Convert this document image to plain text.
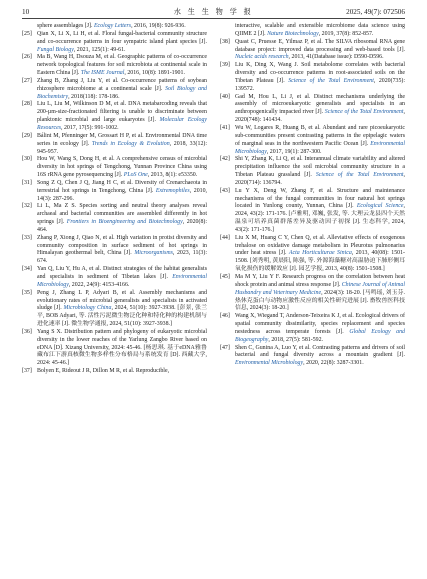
10	水 生 生 物 学 报	2025, 49(7): 072506

sphere assemblages [J]. Ecology Letters, 2016, 19(8): 926-936.

[25] Qian X, Li X, Li H, et al. Floral fungal-bacterial community structure and co-occurrence patterns in four sympatric island plant species [J]. Fungal Biology, 2021, 125(1): 49-61.

[26] Ma B, Wang H, Dsouza M, et al. Geographic patterns of co-occurrence network topological features for soil microbiota at continental scale in Eastern China [J]. The ISME Journal, 2016, 10(8): 1891-1901.

[27] Zhang B, Zhang J, Liu Y, et al. Co-occurrence patterns of soybean rhizosphere microbiome at a continental scale [J]. Soil Biology and Biochemistry, 2018(118): 178-186.

[28] Liu L, Liu M, Wilkinson D M, et al. DNA metabarcoding reveals that 200-µm-size-fractionated filtering is unable to discriminate between planktonic microbial and large eukaryotes [J]. Molecular Ecology Resources, 2017, 17(5): 991-1002.

[29] Bálint M, Pfenninger M, Grossart H P, et al. Environmental DNA time series in ecology [J]. Trends in Ecology & Evolution, 2018, 33(12): 945-957.

[30] Hou W, Wang S, Dong H, et al. A comprehensive census of microbial diversity in hot springs of Tengchong, Yunnan Province China using 16S rRNA gene pyrosequencing [J]. PLoS One, 2013, 8(1): e53350.

[31] Song Z Q, Chen J Q, Jiang H C, et al. Diversity of Crenarchaeota in terrestrial hot springs in Tengchong, China [J]. Extremophiles, 2010, 14(3): 287-296.

[32] Li L, Ma Z S. Species sorting and neutral theory analyses reveal archaeal and bacterial communities are assembled differently in hot springs [J]. Frontiers in Bioengineering and Biotechnology, 2020(8): 464.

[33] Zhang P, Xiong J, Qiao N, et al. High variation in protist diversity and community composition in surface sediment of hot springs in Himalayan geothermal belt, China [J]. Microorganisms, 2023, 11(3): 674.

[34] Yan Q, Liu Y, Hu A, et al. Distinct strategies of the habitat generalists and specialists in sediment of Tibetan lakes [J]. Environmental Microbiology, 2022, 24(9): 4153-4166.

[35] Peng J, Zhang L P, Adyari B, et al. Assembly mechanisms and evolutionary rates of microbial generalists and specialists in activated sludge [J]. Microbiology China, 2024, 51(10): 3927-3938. [彭景, 张兰平, BOB Adyari, 等. 活性污泥微生物泛化种和特化种的构建机制与进化速率 [J]. 微生物学通报, 2024, 51(10): 3927-3938.]

[36] Yang S X. Distribution pattern and phylogeny of eukaryotic microbial diversity in the lower reaches of the Yarlung Zangbo River based on eDNA [D]. Xizang University, 2024: 45-46. [杨思琪. 基于eDNA雅鲁藏布江下游真核微生物多样性分布格局与系统发育 [D]. 西藏大学, 2024: 45-46.]

[37] Bolyen E, Rideout J R, Dillon M R, et al. Reproducible,

interactive, scalable and extensible microbiome data science using QIIME 2 [J]. Nature Biotechnology, 2019, 37(8): 852-857.

[38] Quast C, Pruesse E, Yilmaz P, et al. The SILVA ribosomal RNA gene database project: improved data processing and web-based tools [J]. Nucleic acids research, 2013, 41(Database issue): D590-D596.

[39] Liu K, Ding X, Wang J. Soil metabolome correlates with bacterial diversity and co-occurrence patterns in root-associated soils on the Tibetan Plateau [J]. Science of the Total Environment, 2020(735): 139572.

[40] Gad M, Hou L, Li J, et al. Distinct mechanisms underlying the assembly of microeukaryotic generalists and specialists in an anthropogenically impacted river [J]. Science of the Total Environment, 2020(748): 141434.

[41] Wu W, Logares R, Huang B, et al. Abundant and rare picoeukaryotic sub-communities present contrasting patterns in the epipelagic waters of marginal seas in the northwestern Pacific Ocean [J]. Environmental Microbiology, 2017, 19(1): 287-300.

[42] Shi Y, Zhang K, Li Q, et al. Interannual climate variability and altered precipitation influence the soil microbial community structure in a Tibetan Plateau grassland [J]. Science of the Total Environment, 2020(714): 136794.

[43] Lu Y X, Deng W, Zhang F, et al. Structure and maintenance mechanisms of the fungal communities in four natural hot springs located in Yunlong county, Yunnan, China [J]. Ecological Science, 2024, 43(2): 171-176. [卢雅明, 邓巍, 张发, 等. 大理云龙县四个天然温泉可培养真菌群落差异及驱动因子初探 [J]. 生态科学, 2024, 43(2): 171-176.]

[44] Liu X M, Huang C Y, Chen Q, et al. Alleviative effects of exogenous trehalose on oxidative damage metabolism in Pleurotus pulmonarius under heat stress [J]. Acta Horticulturae Sinica, 2013, 40(08): 1501-1508. [刘秀明, 黄晨阳, 陈强, 等. 外源海藻糖对高温胁迫下肺形侧耳氧化损伤的缓解效应 [J]. 园艺学报, 2013, 40(8): 1501-1508.]

[45] Ma M Y, Liu Y F. Research progress on the correlation between heat shock protein and animal stress response [J]. Chinese Journal of Animal Husbandry and Veterinary Medicine, 2024(3): 18-20. [马鸣瑶, 刘玉芬. 热休克蛋白与动物应激性反应的相关性研究进展 [J]. 畜牧兽医科技信息, 2024(3): 18-20.]

[46] Wang X, Wiegand T, Anderson-Teixeira K J, et al. Ecological drivers of spatial community dissimilarity, species replacement and species nestedness across temperate forests [J]. Global Ecology and Biogeography, 2018, 27(5): 581-592.

[47] Shen C, Gunina A, Luo Y, et al. Contrasting patterns and drivers of soil bacterial and fungal diversity across a mountain gradient [J]. Environmental Microbiology, 2020, 22(8): 3287-3301.
